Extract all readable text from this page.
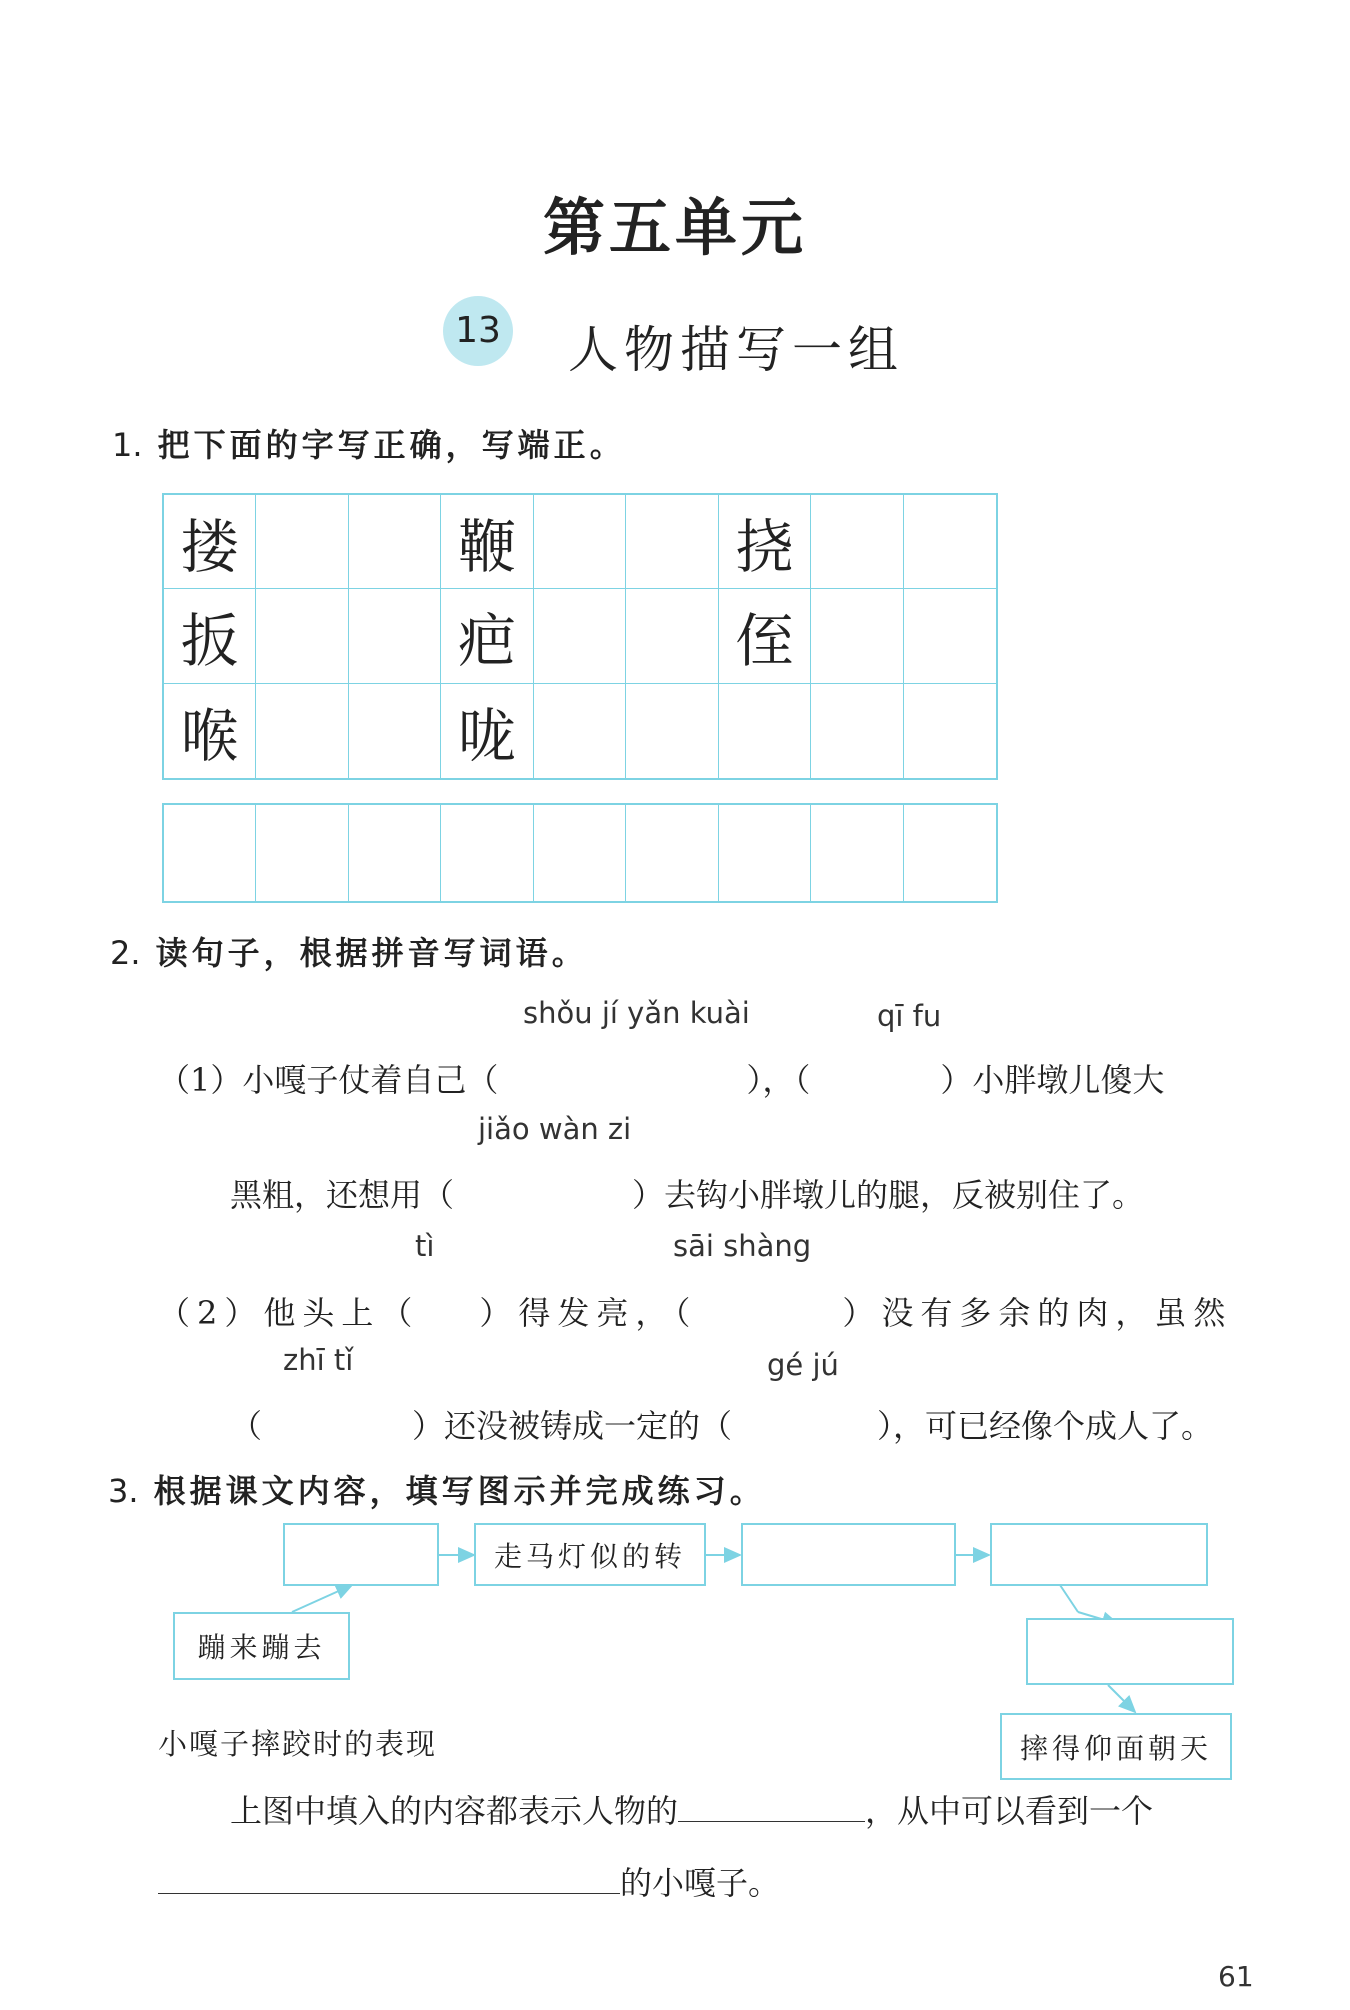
第五单元
13 人物描写一组
1. 把下面的字写正确，写端正。
搂	鞭	挠
扳	疤	侄
喉	咙
2. 读句子，根据拼音写词语。
shǒu jí yǎn kuài	qī fu
（1）小嘎子仗着自己（	），（	）小胖墩儿傻大
jiǎo wàn zi
黑粗，还想用（	）去钩小胖墩儿的腿，反被别住了。
tì	sāi shàng
（2）他头上（ ）得发亮，（	）没有多余的肉，虽然
zhī tǐ	gé jú
（	）还没被铸成一定的（	），可已经像个成人了。
3. 根据课文内容，填写图示并完成练习。
走马灯似的转
蹦来蹦去
摔得仰面朝天
小嘎子摔跤时的表现
上图中填入的内容都表示人物的	，从中可以看到一个
的小嘎子。
61
